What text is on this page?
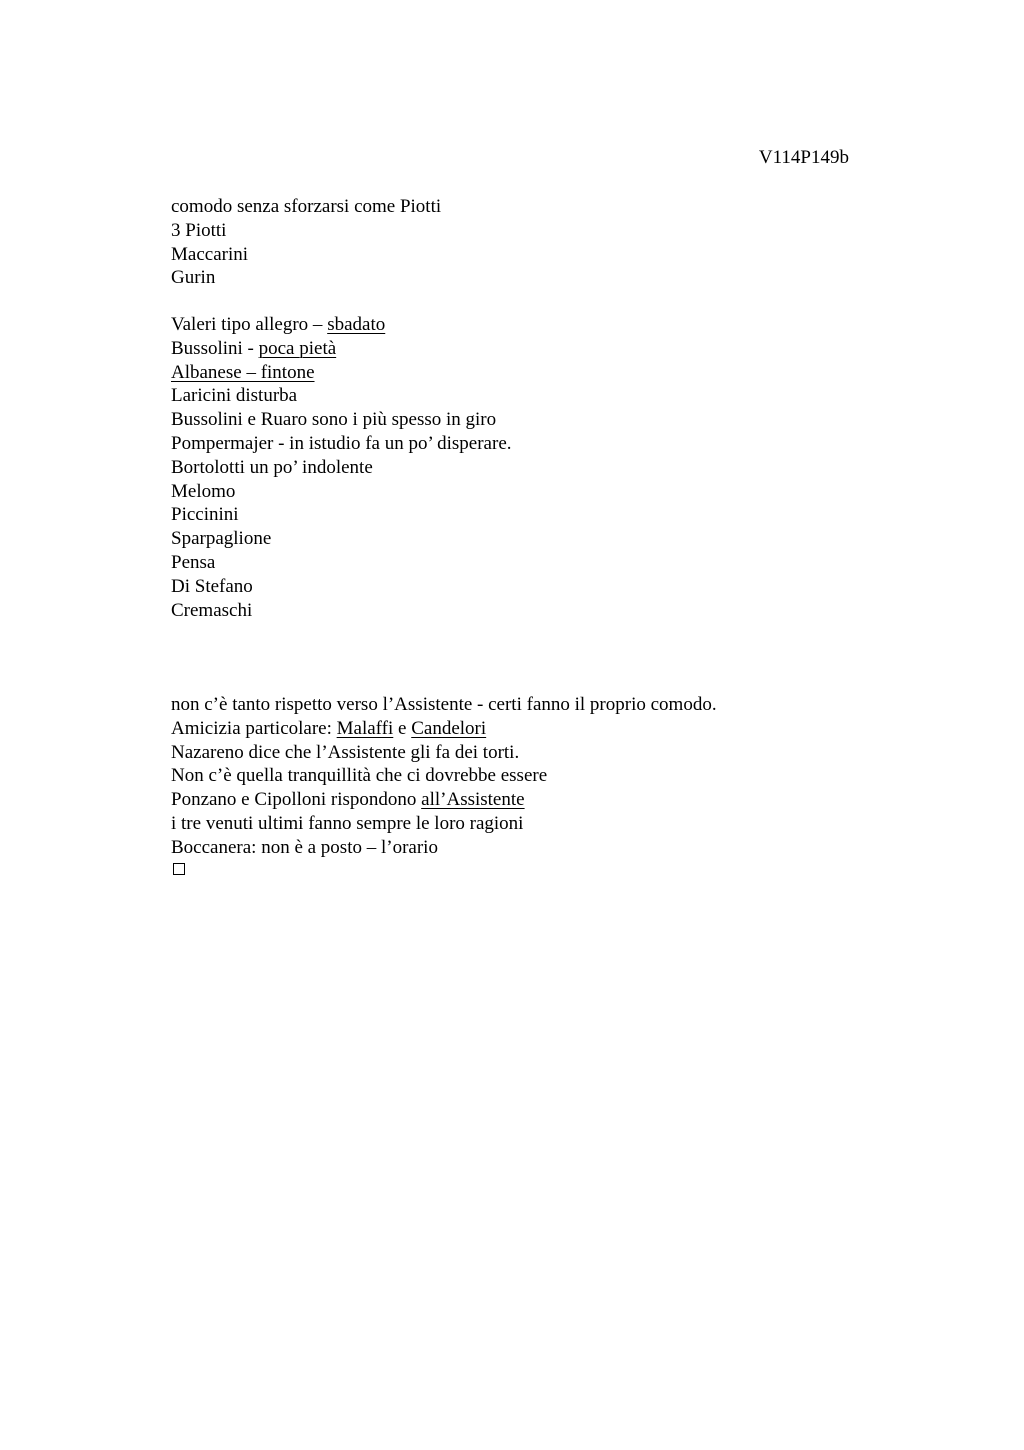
V114P149b
comodo senza sforzarsi come Piotti
3 Piotti
Maccarini
Gurin
Valeri tipo allegro – sbadato
Bussolini - poca pietà
Albanese – fintone
Laricini disturba
Bussolini e Ruaro sono i più spesso in giro
Pompermajer - in istudio fa un po’ disperare.
Bortolotti un po’ indolente
Melomo
Piccinini
Sparpaglione
Pensa
Di Stefano
Cremaschi
non c’è tanto rispetto verso l’Assistente - certi fanno il proprio comodo.
Amicizia particolare: Malaffi e Candelori
Nazareno dice che l’Assistente gli fa dei torti.
Non c’è quella tranquillità che ci dovrebbe essere
Ponzano e Cipolloni rispondono all’Assistente
i tre venuti ultimi fanno sempre le loro ragioni
Boccanera: non è a posto – l’orario
